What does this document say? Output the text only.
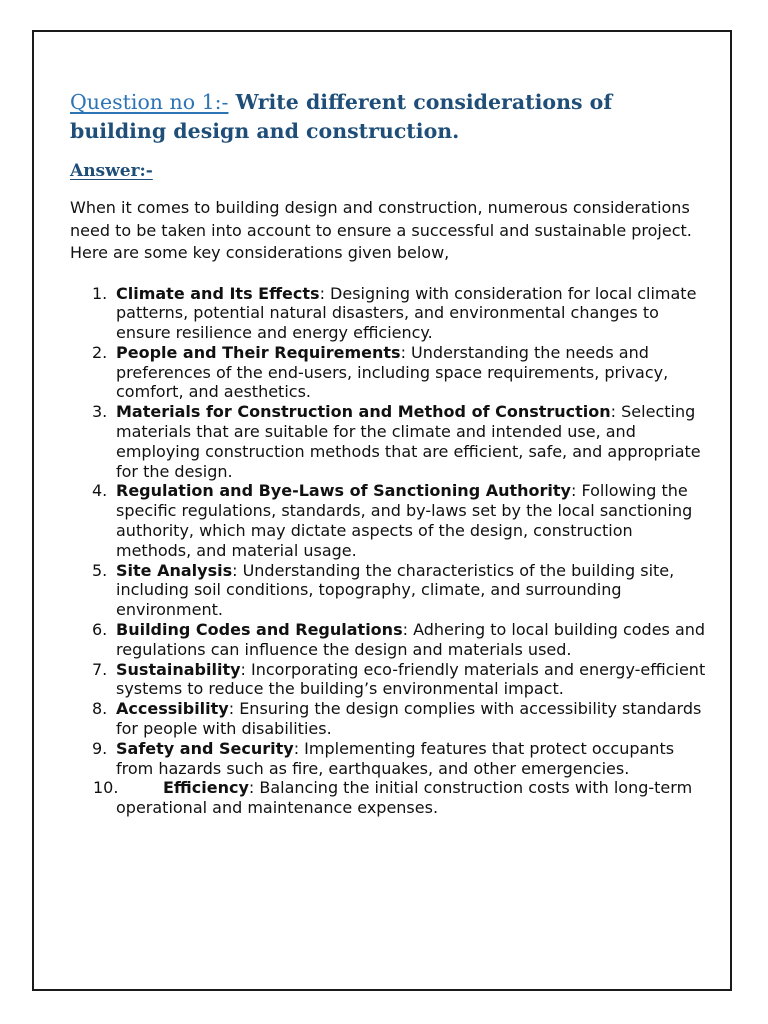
Question no 1:- Write different considerations of building design and construction.
Answer:-

When it comes to building design and construction, numerous considerations need to be taken into account to ensure a successful and sustainable project. Here are some key considerations given below,

1. Climate and Its Effects: Designing with consideration for local climate patterns, potential natural disasters, and environmental changes to ensure resilience and energy efficiency.
2. People and Their Requirements: Understanding the needs and preferences of the end-users, including space requirements, privacy, comfort, and aesthetics.
3. Materials for Construction and Method of Construction: Selecting materials that are suitable for the climate and intended use, and employing construction methods that are efficient, safe, and appropriate for the design.
4. Regulation and Bye-Laws of Sanctioning Authority: Following the specific regulations, standards, and by-laws set by the local sanctioning authority, which may dictate aspects of the design, construction methods, and material usage.
5. Site Analysis: Understanding the characteristics of the building site, including soil conditions, topography, climate, and surrounding environment.
6. Building Codes and Regulations: Adhering to local building codes and regulations can influence the design and materials used.
7. Sustainability: Incorporating eco-friendly materials and energy-efficient systems to reduce the building’s environmental impact.
8. Accessibility: Ensuring the design complies with accessibility standards for people with disabilities.
9. Safety and Security: Implementing features that protect occupants from hazards such as fire, earthquakes, and other emergencies.
10.	Efficiency: Balancing the initial construction costs with long-term operational and maintenance expenses.
